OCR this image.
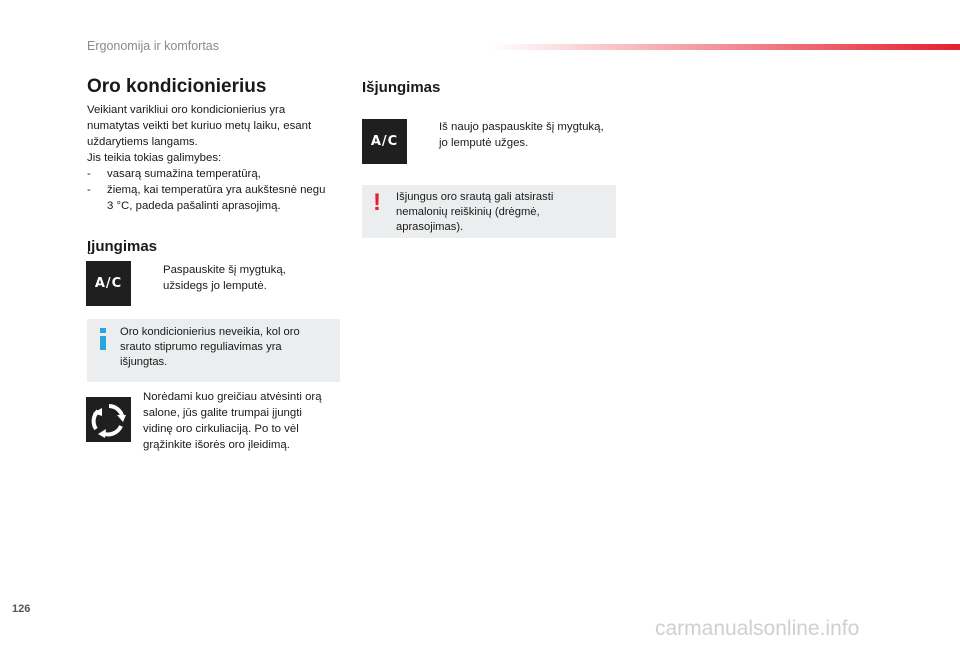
Ergonomija ir komfortas
Oro kondicionierius

Veikiant varikliui oro kondicionierius yra

numatytas veikti bet kuriuo metų laiku, esant

uždarytiems langams.

Jis teikia tokias galimybes:

- vasarą sumažina temperatūrą,

- žiemą, kai temperatūra yra aukštesnė negu

3 °C, padeda pašalinti aprasojimą.

Įjungimas
A/C
Paspauskite šį mygtuką,
užsidegs jo lemputė.

Oro kondicionierius neveikia, kol oro

srauto stiprumo reguliavimas yra

išjungtas.

Norėdami kuo greičiau atvėsinti orą

salone, jūs galite trumpai įjungti

vidinę oro cirkuliaciją. Po to vėl

grąžinkite išorės oro įleidimą.

Išjungimas
A/C
Iš naujo paspauskite šį mygtuką,
jo lemputė užges.
! Išjungus oro srautą gali atsirasti

nemalonių reiškinių (drėgmė,

aprasojimas).

126
carmanualsonline.info
